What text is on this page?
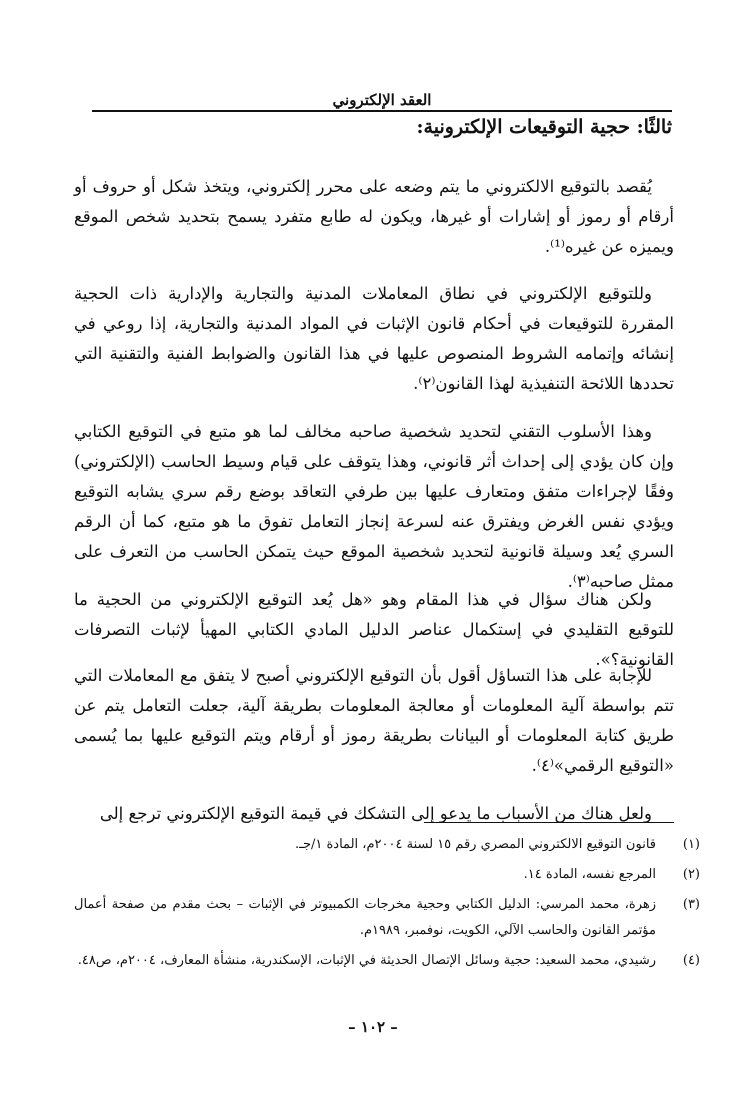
العقد الإلكتروني
ثالثًا: حجية التوقيعات الإلكترونية:

يُقصد بالتوقيع الالكتروني ما يتم وضعه على محرر إلكتروني، ويتخذ شكل أو حروف أو أرقام أو رموز أو إشارات أو غيرها، ويكون له طابع متفرد يسمح بتحديد شخص الموقع ويميزه عن غيره⁽¹⁾.

وللتوقيع الإلكتروني في نطاق المعاملات المدنية والتجارية والإدارية ذات الحجية المقررة للتوقيعات في أحكام قانون الإثبات في المواد المدنية والتجارية، إذا روعي في إنشائه وإتمامه الشروط المنصوص عليها في هذا القانون والضوابط الفنية والتقنية التي تحددها اللائحة التنفيذية لهذا القانون⁽٢⁾.

وهذا الأسلوب التقني لتحديد شخصية صاحبه مخالف لما هو متبع في التوقيع الكتابي وإن كان يؤدي إلى إحداث أثر قانوني، وهذا يتوقف على قيام وسيط الحاسب (الإلكتروني) وفقًا لإجراءات متفق ومتعارف عليها بين طرفي التعاقد بوضع رقم سري يشابه التوقيع ويؤدي نفس الغرض ويفترق عنه لسرعة إنجاز التعامل تفوق ما هو متبع، كما أن الرقم السري يُعد وسيلة قانونية لتحديد شخصية الموقع حيث يتمكن الحاسب من التعرف على ممثل صاحبه⁽٣⁾.

ولكن هناك سؤال في هذا المقام وهو «هل يُعد التوقيع الإلكتروني من الحجية ما للتوقيع التقليدي في إستكمال عناصر الدليل المادي الكتابي المهيأ لإثبات التصرفات القانونية؟».

للإجابة على هذا التساؤل أقول بأن التوقيع الإلكتروني أصبح لا يتفق مع المعاملات التي تتم بواسطة آلية المعلومات أو معالجة المعلومات بطريقة آلية، جعلت التعامل يتم عن طريق كتابة المعلومات أو البيانات بطريقة رموز أو أرقام ويتم التوقيع عليها بما يُسمى «التوقيع الرقمي»⁽٤⁾.

ولعل هناك من الأسباب ما يدعو إلى التشكك في قيمة التوقيع الإلكتروني ترجع إلى

(١)
قانون التوقيع الالكتروني المصري رقم ١٥ لسنة ٢٠٠٤م، المادة ١/جـ.
(٢)
المرجع نفسه، المادة ١٤.
(٣)
زهرة، محمد المرسي: الدليل الكتابي وحجية مخرجات الكمبيوتر في الإثبات – بحث مقدم من صفحة أعمال مؤتمر القانون والحاسب الآلي، الكويت، نوفمبر، ١٩٨٩م.
(٤)
رشيدي، محمد السعيد: حجية وسائل الإتصال الحديثة في الإثبات، الإسكندرية، منشأة المعارف، ٢٠٠٤م، ص٤٨.
– ١٠٢ –
